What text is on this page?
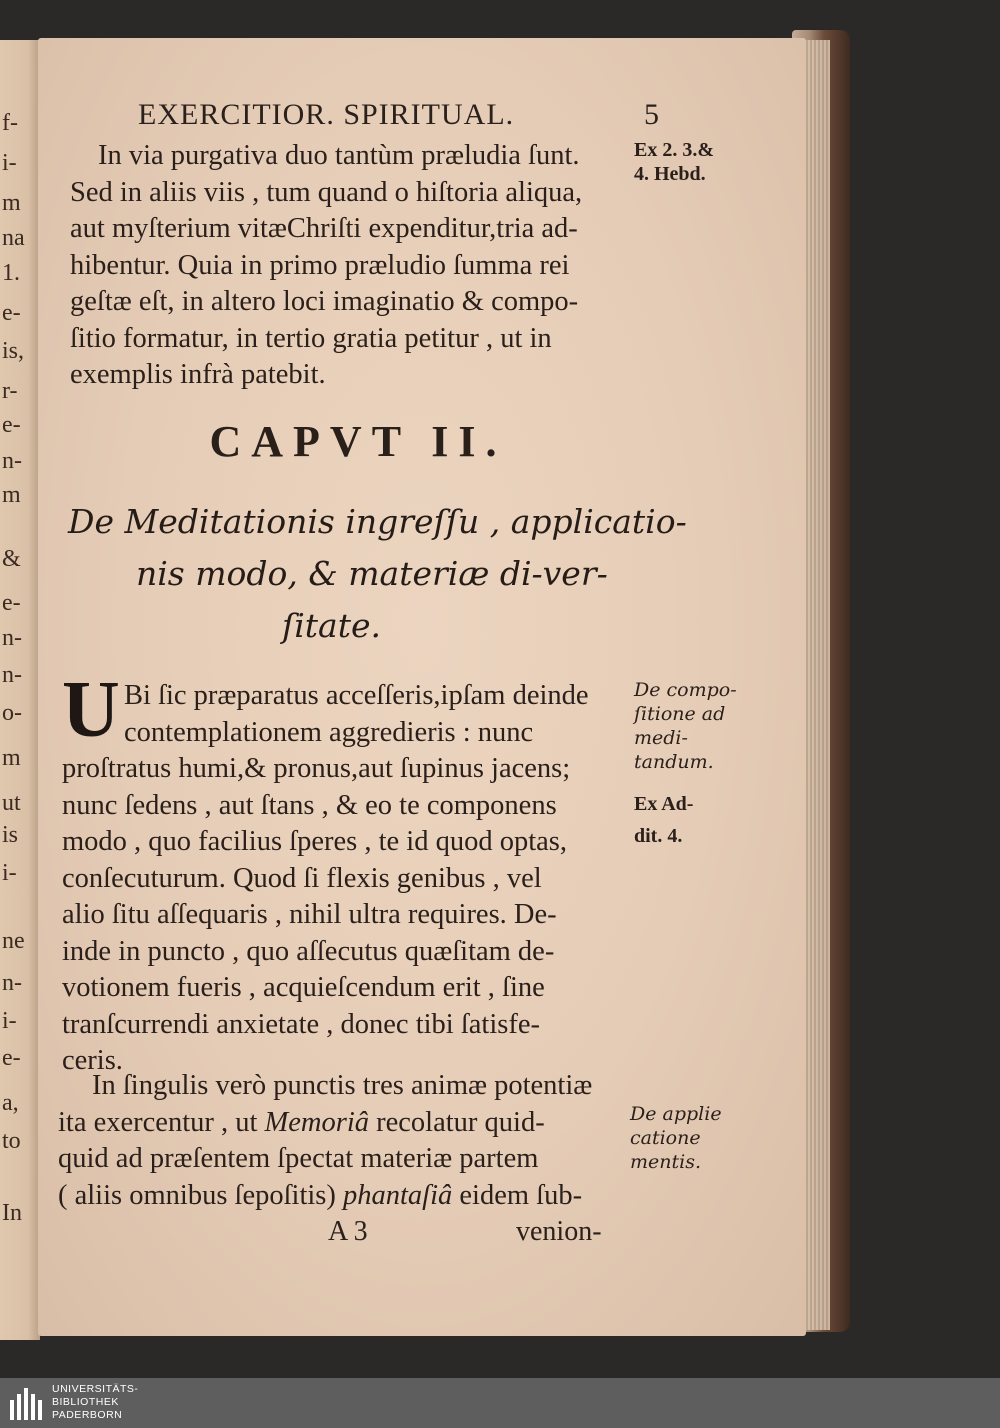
f-
i-
m
na
1.
e-
is,
r-
e-
n-
m
&
e-
n-
n-
o-
m
ut
is
i-
ne
n-
i-
e-
a,
to
In
EXERCITIOR. SPIRITUAL.	5
In via purgativa duo tantùm præludia ſunt.
Sed in aliis viis , tum quand o hiſtoria aliqua,
aut myſterium vitæChriſti expenditur,tria ad-
hibentur. Quia in primo præludio ſumma rei
geſtæ eſt, in altero loci imaginatio & compo-
ſitio formatur, in tertio gratia petitur , ut in
exemplis infrà patebit.
Ex 2. 3.&
4. Hebd.
CAPVT II.
De Meditationis ingreſſu , applicatio-
nis modo, & materiæ di-ver-
ſitate.
U Bi ſic præparatus acceſſeris,ipſam deinde
contemplationem aggredieris : nunc
proſtratus humi,& pronus,aut ſupinus jacens;
nunc ſedens , aut ſtans , & eo te componens
modo , quo facilius ſperes , te id quod optas,
conſecuturum. Quod ſi flexis genibus , vel
alio ſitu aſſequaris , nihil ultra requires. De-
inde in puncto , quo aſſecutus quæſitam de-
votionem fueris , acquieſcendum erit , ſine
tranſcurrendi anxietate , donec tibi ſatisfe-
ceris.
De compo-
ſitione ad
medi-
tandum.
Ex Ad-
dit. 4.
In ſingulis verò punctis tres animæ potentiæ
ita exercentur , ut Memoriâ recolatur quid-
quid ad præſentem ſpectat materiæ partem
( aliis omnibus ſepoſitis) phantaſiâ eidem ſub-
De applie
catione
mentis.
A 3	venion-
UNIVERSITÄTS-
BIBLIOTHEK
PADERBORN
